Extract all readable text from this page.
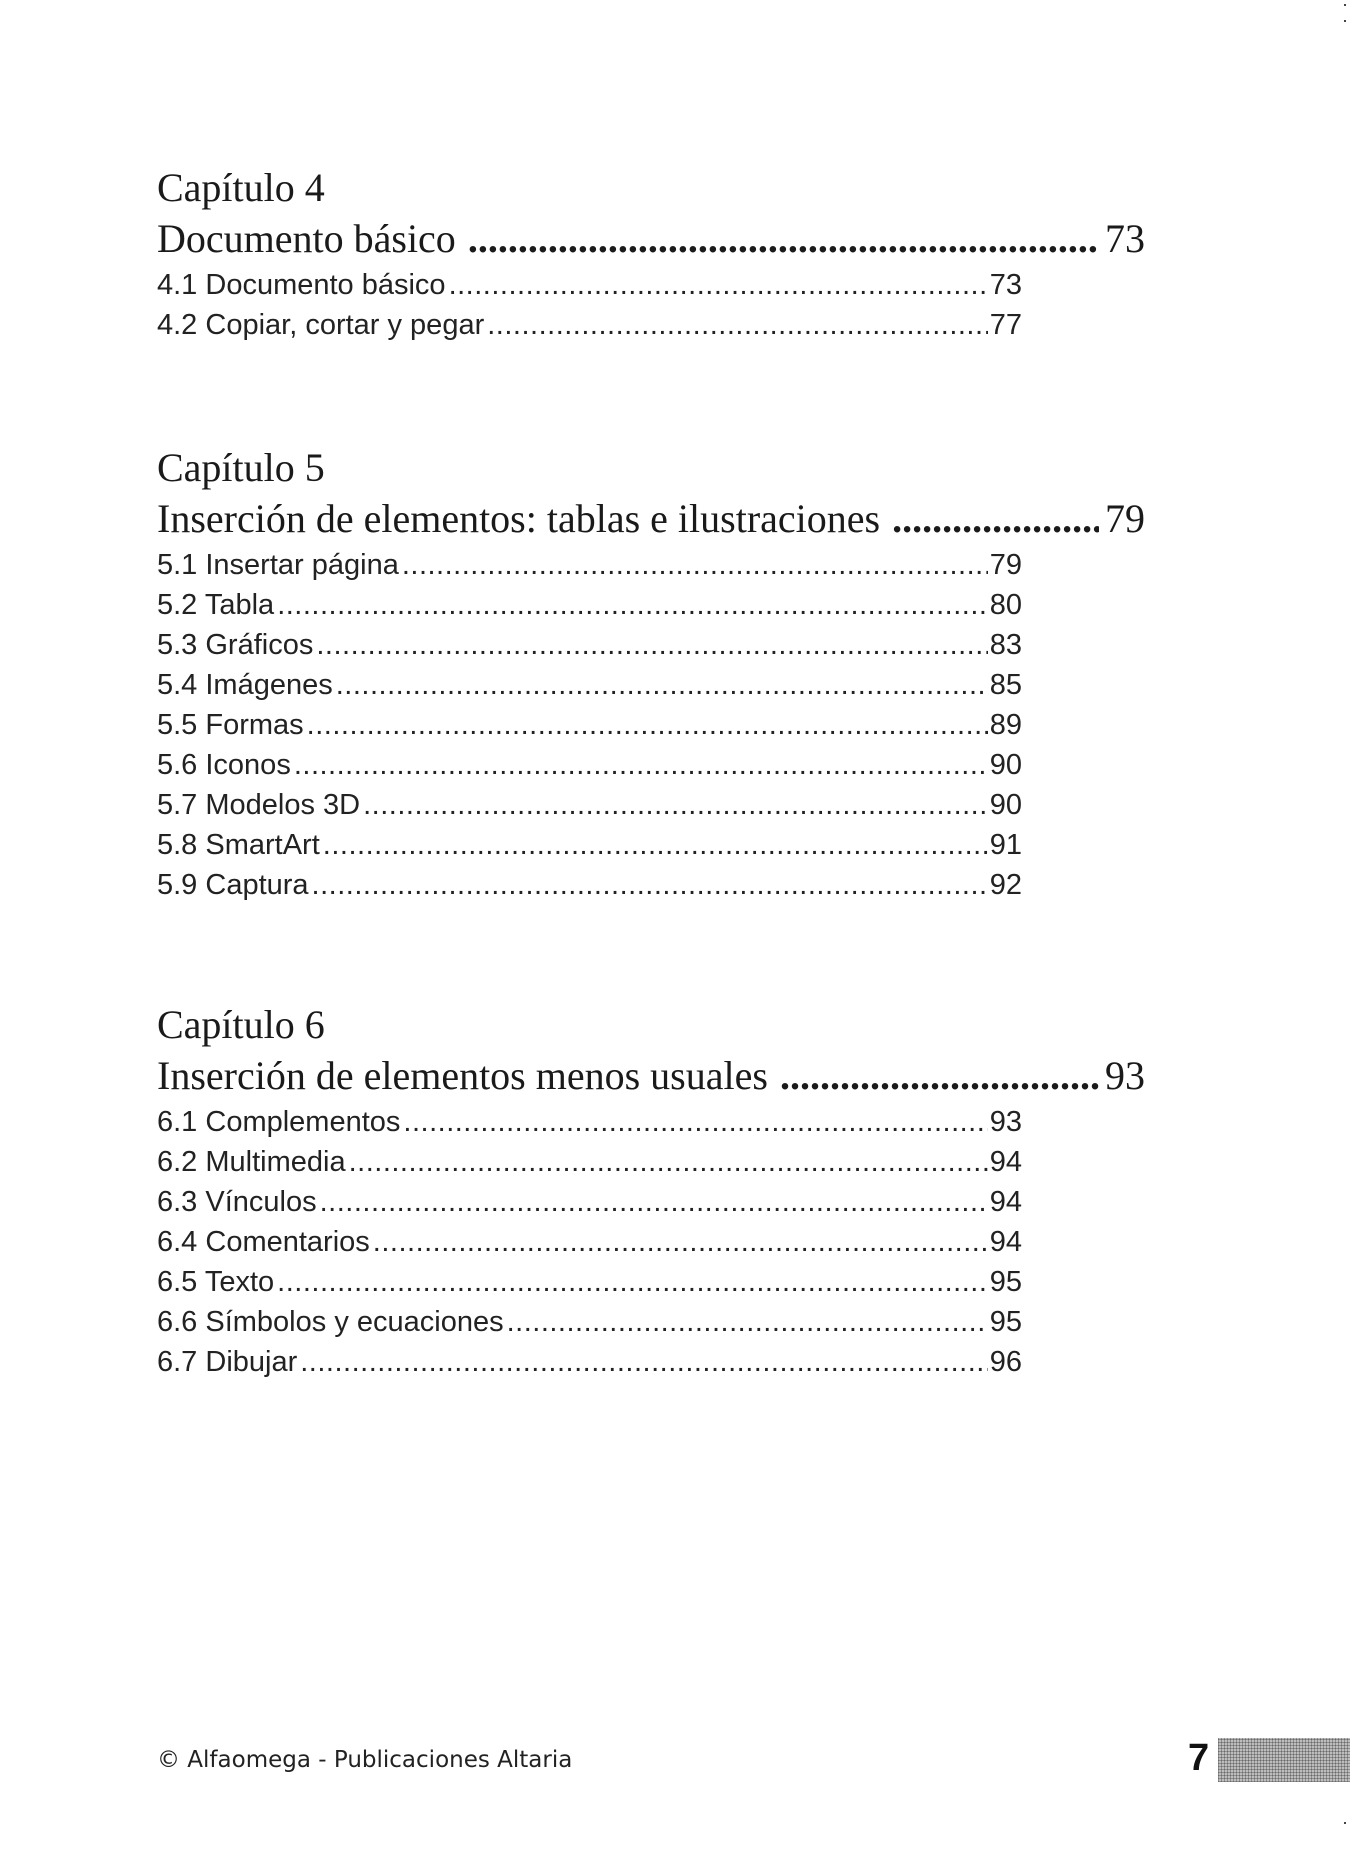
Capítulo 4
Documento básico .....	73
4.1 Documento básico .....	73
4.2 Copiar, cortar y pegar .....	77
Capítulo 5
Inserción de elementos: tablas e ilustraciones .....	79
5.1 Insertar página .....	79
5.2 Tabla .....	80
5.3 Gráficos .....	83
5.4 Imágenes .....	85
5.5 Formas .....	89
5.6 Iconos .....	90
5.7 Modelos 3D .....	90
5.8 SmartArt .....	91
5.9 Captura .....	92
Capítulo 6
Inserción de elementos menos usuales .....	93
6.1 Complementos .....	93
6.2 Multimedia .....	94
6.3 Vínculos .....	94
6.4 Comentarios .....	94
6.5 Texto .....	95
6.6 Símbolos y ecuaciones .....	95
6.7 Dibujar .....	96
© Alfaomega - Publicaciones Altaria	7
